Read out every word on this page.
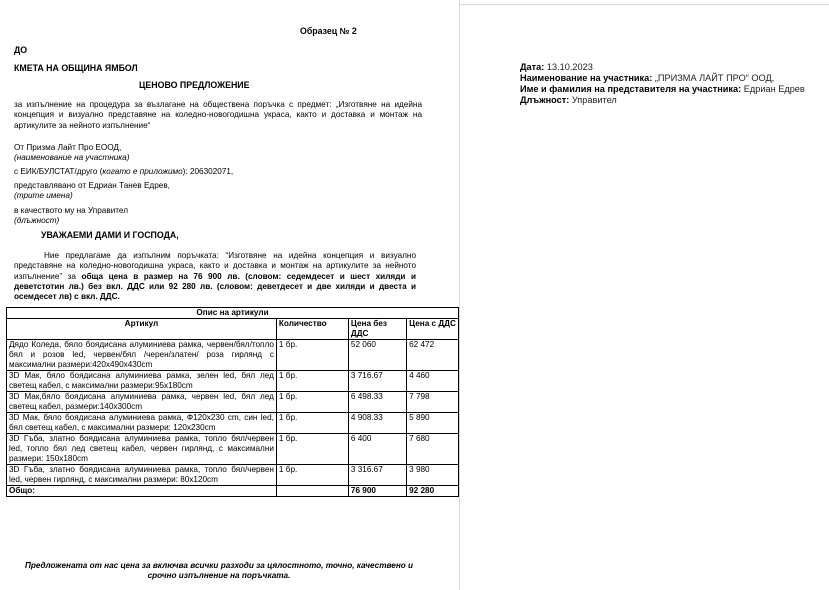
Образец № 2
ДО
КМЕТА НА ОБЩИНА ЯМБОЛ
ЦЕНОВО ПРЕДЛОЖЕНИЕ
за изпълнение на процедура за възлагане на обществена поръчка с предмет: „Изготвяне на идейна концепция и визуално представяне на коледно-новогодишна украса, както и доставка и монтаж на артикулите за нейното изпълнение“
От Призма Лайт Про ЕООД,
(наименование на участника)
с ЕИК/БУЛСТАТ/друго (когато е приложимо): 206302071,
представлявано от Едриан Танев Едрев,
(трите имена)
в качеството му на Управител
(длъжност)
УВАЖАЕМИ ДАМИ И ГОСПОДА,
Ние предлагаме да изпълним поръчката: “Изготвяне на идейна концепция и визуално представяне на коледно-новогодишна украса, както и доставка и монтаж на артикулите за нейното изпълнение” за обща цена в размер на 76 900 лв. (словом: седемдесет и шест хиляди и деветстотин лв.) без вкл. ДДС или 92 280 лв. (словом: деветдесет и две хиляди и двеста и осемдесет лв) с вкл. ДДС.
Опис на артикули			
Артикул	Количество	Цена без ДДС	Цена с ДДС
Дядо Коледа, бяло боядисана алуминиева рамка, червен/бял/топло бял и розов led, червен/бял /черен/златен/ роза гирлянд с максимални размери:420х490х430cm	1 бр.	52 060	62 472
3D Мак, бяло боядисана алуминиева рамка, зелен led, бял лед светещ кабел, с максимални размери:95х180cm	1 бр.	3 716.67	4 460
3D Мак,бяло боядисана алуминиева рамка, червен led, бял лед светещ кабел, размери:140х300cm	1 бр.	6 498.33	7 798
3D Мак, бяло боядисана алуминиева рамка, Ф120х230 cm, син led, бял светещ кабел, с максимални размери: 120х230cm	1 бр.	4 908.33	5 890
3D Гъба, златно боядисана алуминиева рамка, топло бял/червен led, топло бял лед светещ кабел, червен гирлянд, с максимални размери: 150х180cm	1 бр.	6 400	7 680
3D Гъба, златно боядисана алуминиева рамка, топло бял/червен led, червен гирлянд, с максимални размери: 80х120cm	1 бр.	3 316.67	3 980
Общо:		76 900	92 280
Предложената от нас цена за включва всички разходи за цялостното, точно, качествено и срочно изпълнение на поръчката.
Дата: 13.10.2023
Наименование на участника: „ПРИЗМА ЛАЙТ ПРО“ ООД,
Име и фамилия на представителя на участника: Едриан Едрев
Длъжност: Управител
